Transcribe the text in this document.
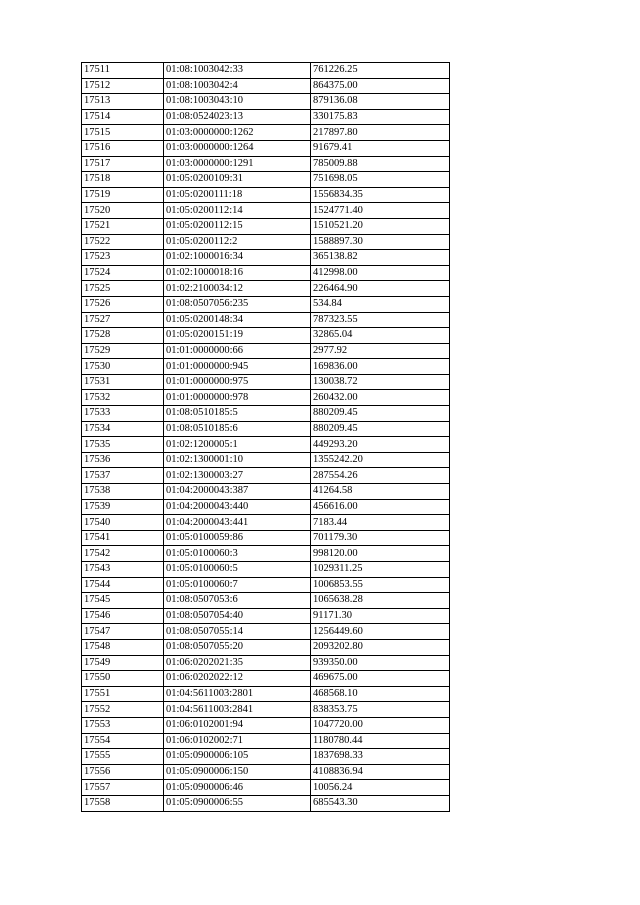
17511	01:08:1003042:33	761226.25
17512	01:08:1003042:4	864375.00
17513	01:08:1003043:10	879136.08
17514	01:08:0524023:13	330175.83
17515	01:03:0000000:1262	217897.80
17516	01:03:0000000:1264	91679.41
17517	01:03:0000000:1291	785009.88
17518	01:05:0200109:31	751698.05
17519	01:05:0200111:18	1556834.35
17520	01:05:0200112:14	1524771.40
17521	01:05:0200112:15	1510521.20
17522	01:05:0200112:2	1588897.30
17523	01:02:1000016:34	365138.82
17524	01:02:1000018:16	412998.00
17525	01:02:2100034:12	226464.90
17526	01:08:0507056:235	534.84
17527	01:05:0200148:34	787323.55
17528	01:05:0200151:19	32865.04
17529	01:01:0000000:66	2977.92
17530	01:01:0000000:945	169836.00
17531	01:01:0000000:975	130038.72
17532	01:01:0000000:978	260432.00
17533	01:08:0510185:5	880209.45
17534	01:08:0510185:6	880209.45
17535	01:02:1200005:1	449293.20
17536	01:02:1300001:10	1355242.20
17537	01:02:1300003:27	287554.26
17538	01:04:2000043:387	41264.58
17539	01:04:2000043:440	456616.00
17540	01:04:2000043:441	7183.44
17541	01:05:0100059:86	701179.30
17542	01:05:0100060:3	998120.00
17543	01:05:0100060:5	1029311.25
17544	01:05:0100060:7	1006853.55
17545	01:08:0507053:6	1065638.28
17546	01:08:0507054:40	91171.30
17547	01:08:0507055:14	1256449.60
17548	01:08:0507055:20	2093202.80
17549	01:06:0202021:35	939350.00
17550	01:06:0202022:12	469675.00
17551	01:04:5611003:2801	468568.10
17552	01:04:5611003:2841	838353.75
17553	01:06:0102001:94	1047720.00
17554	01:06:0102002:71	1180780.44
17555	01:05:0900006:105	1837698.33
17556	01:05:0900006:150	4108836.94
17557	01:05:0900006:46	10056.24
17558	01:05:0900006:55	685543.30
